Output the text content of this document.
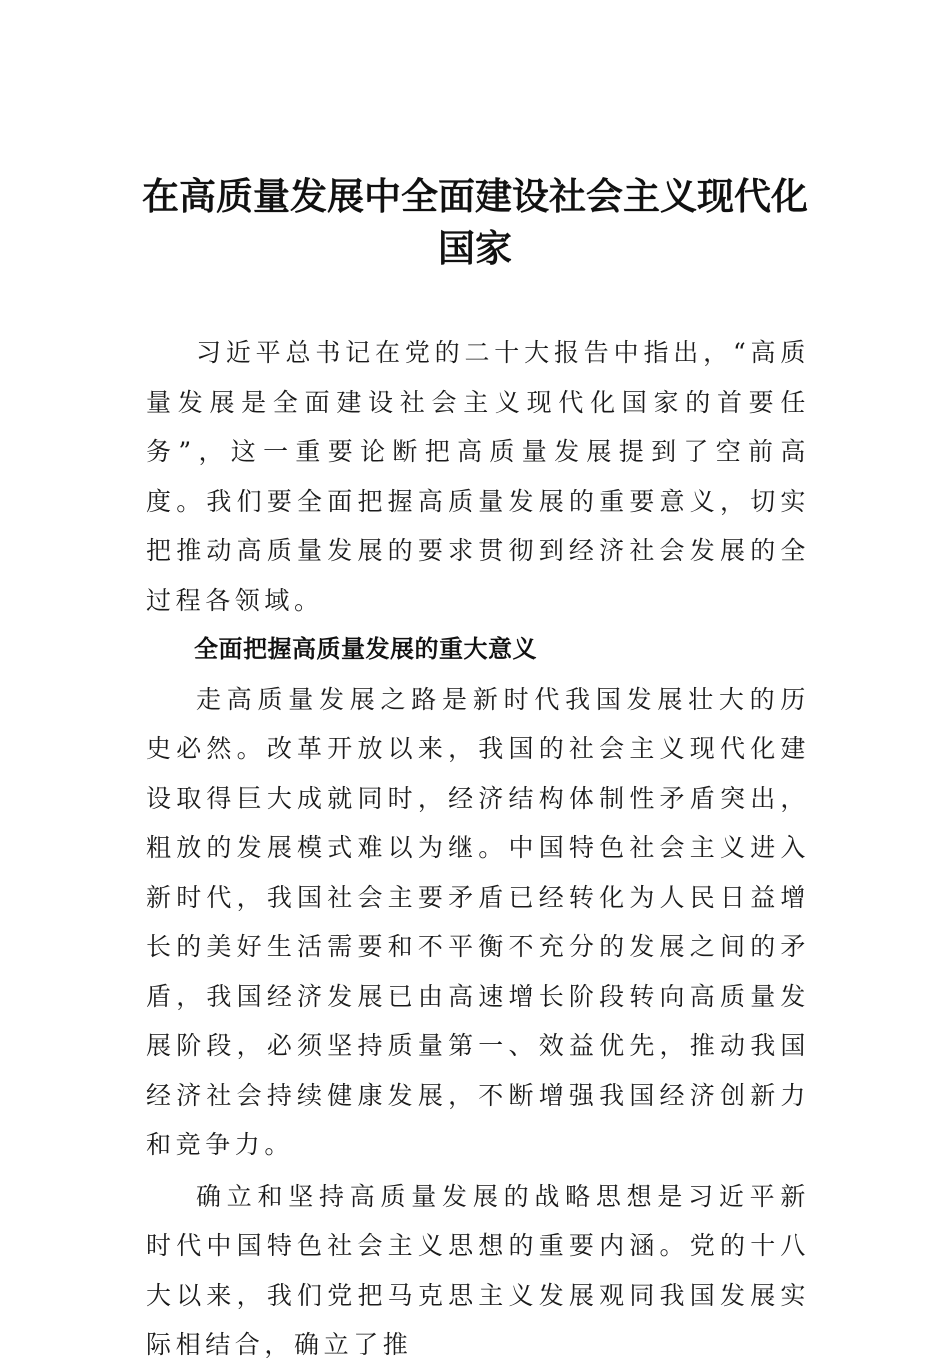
在高质量发展中全面建设社会主义现代化
国家

习近平总书记在党的二十大报告中指出，“高质量发展是全面建设社会主义现代化国家的首要任务”，这一重要论断把高质量发展提到了空前高度。我们要全面把握高质量发展的重要意义，切实把推动高质量发展的要求贯彻到经济社会发展的全过程各领域。

全面把握高质量发展的重大意义

走高质量发展之路是新时代我国发展壮大的历史必然。改革开放以来，我国的社会主义现代化建设取得巨大成就同时，经济结构体制性矛盾突出，粗放的发展模式难以为继。中国特色社会主义进入新时代，我国社会主要矛盾已经转化为人民日益增长的美好生活需要和不平衡不充分的发展之间的矛盾，我国经济发展已由高速增长阶段转向高质量发展阶段，必须坚持质量第一、效益优先，推动我国经济社会持续健康发展，不断增强我国经济创新力和竞争力。

确立和坚持高质量发展的战略思想是习近平新时代中国特色社会主义思想的重要内涵。党的十八大以来，我们党把马克思主义发展观同我国发展实际相结合，确立了推
